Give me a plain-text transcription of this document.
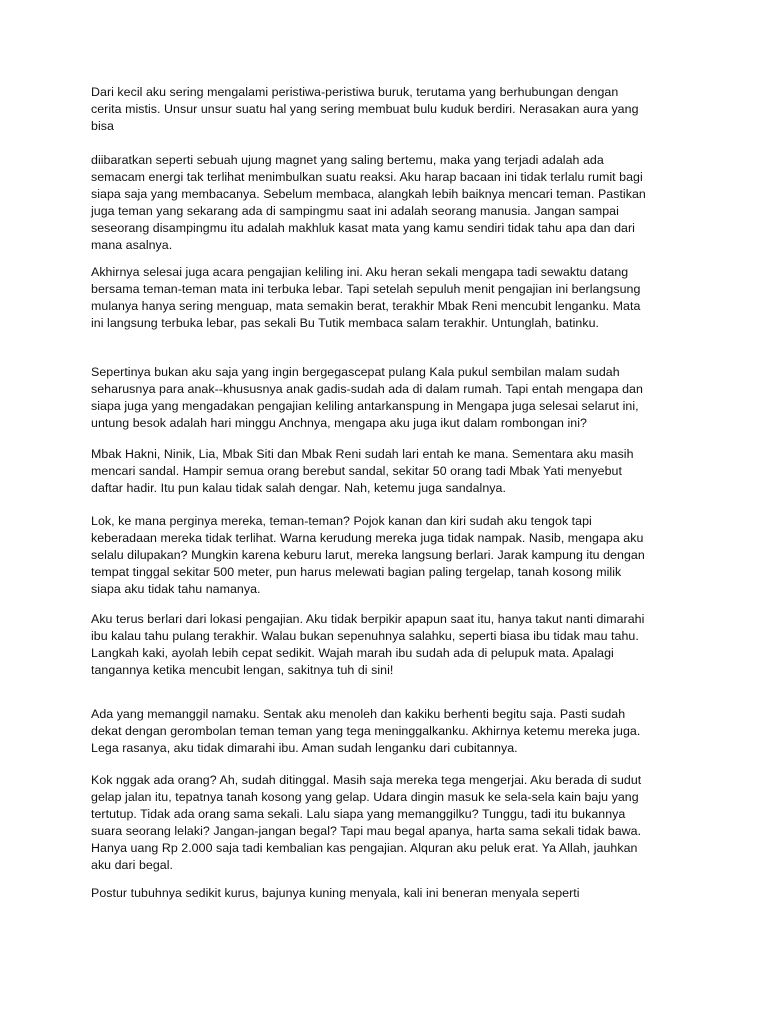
Dari kecil aku sering mengalami peristiwa-peristiwa buruk, terutama yang berhubungan dengan
cerita mistis. Unsur unsur suatu hal yang sering membuat bulu kuduk berdiri. Nerasakan aura yang
bisa

diibaratkan seperti sebuah ujung magnet yang saling bertemu, maka yang terjadi adalah ada
semacam energi tak terlihat menimbulkan suatu reaksi. Aku harap bacaan ini tidak terlalu rumit bagi
siapa saja yang membacanya. Sebelum membaca, alangkah lebih baiknya mencari teman. Pastikan
juga teman yang sekarang ada di sampingmu saat ini adalah seorang manusia. Jangan sampai
seseorang disampingmu itu adalah makhluk kasat mata yang kamu sendiri tidak tahu apa dan dari
mana asalnya.

Akhirnya selesai juga acara pengajian keliling ini. Aku heran sekali mengapa tadi sewaktu datang
bersama teman-teman mata ini terbuka lebar. Tapi setelah sepuluh menit pengajian ini berlangsung
mulanya hanya sering menguap, mata semakin berat, terakhir Mbak Reni mencubit lenganku. Mata
ini langsung terbuka lebar, pas sekali Bu Tutik membaca salam terakhir. Untunglah, batinku.

Sepertinya bukan aku saja yang ingin bergegascepat pulang Kala pukul sembilan malam sudah
seharusnya para anak--khususnya anak gadis-sudah ada di dalam rumah. Tapi entah mengapa dan
siapa juga yang mengadakan pengajian keliling antarkanspung in Mengapa juga selesai selarut ini,
untung besok adalah hari minggu Anchnya, mengapa aku juga ikut dalam rombongan ini?

Mbak Hakni, Ninik, Lia, Mbak Siti dan Mbak Reni sudah lari entah ke mana. Sementara aku masih
mencari sandal. Hampir semua orang berebut sandal, sekitar 50 orang tadi Mbak Yati menyebut
daftar hadir. Itu pun kalau tidak salah dengar. Nah, ketemu juga sandalnya.

Lok, ke mana perginya mereka, teman-teman? Pojok kanan dan kiri sudah aku tengok tapi
keberadaan mereka tidak terlihat. Warna kerudung mereka juga tidak nampak. Nasib, mengapa aku
selalu dilupakan? Mungkin karena keburu larut, mereka langsung berlari. Jarak kampung itu dengan
tempat tinggal sekitar 500 meter, pun harus melewati bagian paling tergelap, tanah kosong milik
siapa aku tidak tahu namanya.

Aku terus berlari dari lokasi pengajian. Aku tidak berpikir apapun saat itu, hanya takut nanti dimarahi
ibu kalau tahu pulang terakhir. Walau bukan sepenuhnya salahku, seperti biasa ibu tidak mau tahu.
Langkah kaki, ayolah lebih cepat sedikit. Wajah marah ibu sudah ada di pelupuk mata. Apalagi
tangannya ketika mencubit lengan, sakitnya tuh di sini!

Ada yang memanggil namaku. Sentak aku menoleh dan kakiku berhenti begitu saja. Pasti sudah
dekat dengan gerombolan teman teman yang tega meninggalkanku. Akhirnya ketemu mereka juga.
Lega rasanya, aku tidak dimarahi ibu. Aman sudah lenganku dari cubitannya.

Kok nggak ada orang? Ah, sudah ditinggal. Masih saja mereka tega mengerjai. Aku berada di sudut
gelap jalan itu, tepatnya tanah kosong yang gelap. Udara dingin masuk ke sela-sela kain baju yang
tertutup. Tidak ada orang sama sekali. Lalu siapa yang memanggilku? Tunggu, tadi itu bukannya
suara seorang lelaki? Jangan-jangan begal? Tapi mau begal apanya, harta sama sekali tidak bawa.
Hanya uang Rp 2.000 saja tadi kembalian kas pengajian. Alquran aku peluk erat. Ya Allah, jauhkan
aku dari begal.

Postur tubuhnya sedikit kurus, bajunya kuning menyala, kali ini beneran menyala seperti
